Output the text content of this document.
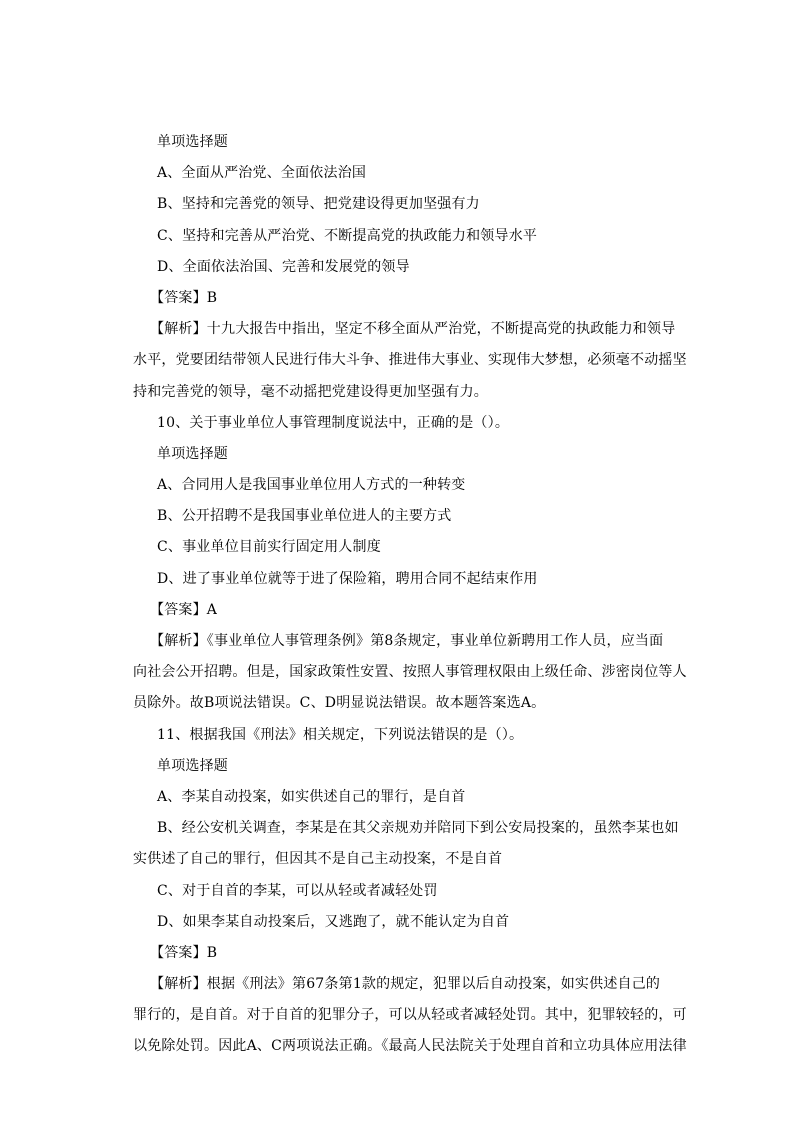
单项选择题
A、全面从严治党、全面依法治国
B、坚持和完善党的领导、把党建设得更加坚强有力
C、坚持和完善从严治党、不断提高党的执政能力和领导水平
D、全面依法治国、完善和发展党的领导
【答案】B
【解析】十九大报告中指出，坚定不移全面从严治党，不断提高党的执政能力和领导
水平，党要团结带领人民进行伟大斗争、推进伟大事业、实现伟大梦想，必须毫不动摇坚
持和完善党的领导，毫不动摇把党建设得更加坚强有力。
10、关于事业单位人事管理制度说法中，正确的是（）。
单项选择题
A、合同用人是我国事业单位用人方式的一种转变
B、公开招聘不是我国事业单位进人的主要方式
C、事业单位目前实行固定用人制度
D、进了事业单位就等于进了保险箱，聘用合同不起结束作用
【答案】A
【解析】《事业单位人事管理条例》第8条规定，事业单位新聘用工作人员，应当面
向社会公开招聘。但是，国家政策性安置、按照人事管理权限由上级任命、涉密岗位等人
员除外。故B项说法错误。C、D明显说法错误。故本题答案选A。
11、根据我国《刑法》相关规定，下列说法错误的是（）。
单项选择题
A、李某自动投案，如实供述自己的罪行，是自首
B、经公安机关调查，李某是在其父亲规劝并陪同下到公安局投案的，虽然李某也如
实供述了自己的罪行，但因其不是自己主动投案，不是自首
C、对于自首的李某，可以从轻或者减轻处罚
D、如果李某自动投案后，又逃跑了，就不能认定为自首
【答案】B
【解析】根据《刑法》第67条第1款的规定，犯罪以后自动投案，如实供述自己的
罪行的，是自首。对于自首的犯罪分子，可以从轻或者减轻处罚。其中，犯罪较轻的，可
以免除处罚。因此A、C两项说法正确。《最高人民法院关于处理自首和立功具体应用法律
